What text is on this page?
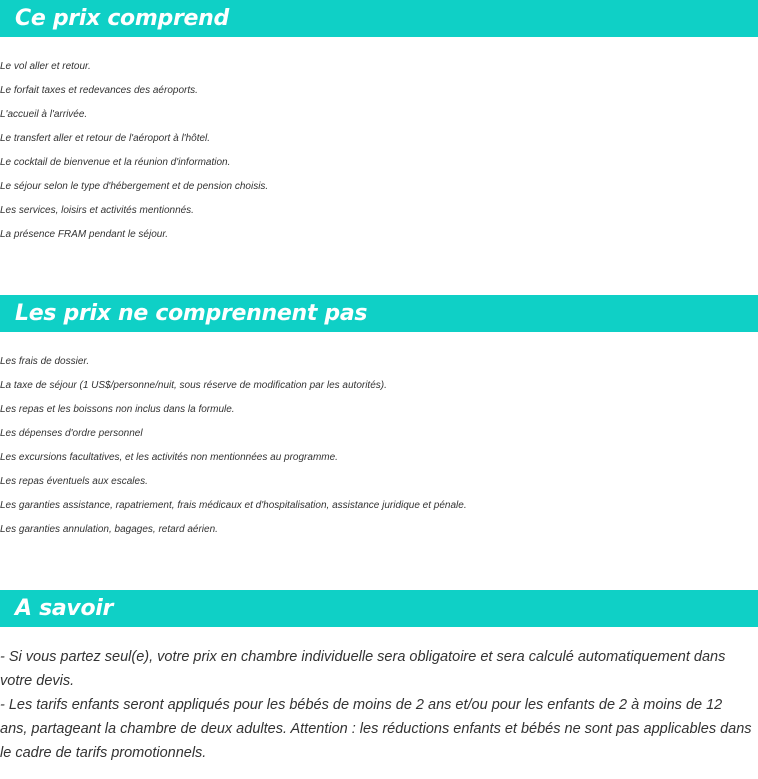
Ce prix comprend
Le vol aller et retour.
Le forfait taxes et redevances des aéroports.
L'accueil à l'arrivée.
Le transfert aller et retour de l'aéroport à l'hôtel.
Le cocktail de bienvenue et la réunion d'information.
Le séjour selon le type d'hébergement et de pension choisis.
Les services, loisirs et activités mentionnés.
La présence FRAM pendant le séjour.
Les prix ne comprennent pas
Les frais de dossier.
La taxe de séjour (1 US$/personne/nuit, sous réserve de modification par les autorités).
Les repas et les boissons non inclus dans la formule.
Les dépenses d'ordre personnel
Les excursions facultatives, et les activités non mentionnées au programme.
Les repas éventuels aux escales.
Les garanties assistance, rapatriement, frais médicaux et d'hospitalisation, assistance juridique et pénale.
Les garanties annulation, bagages, retard aérien.
A savoir

- Si vous partez seul(e), votre prix en chambre individuelle sera obligatoire et sera calculé automatiquement dans votre devis.

- Les tarifs enfants seront appliqués pour les bébés de moins de 2 ans et/ou pour les enfants de 2 à moins de 12 ans, partageant la chambre de deux adultes. Attention : les réductions enfants et bébés ne sont pas applicables dans le cadre de tarifs promotionnels.
